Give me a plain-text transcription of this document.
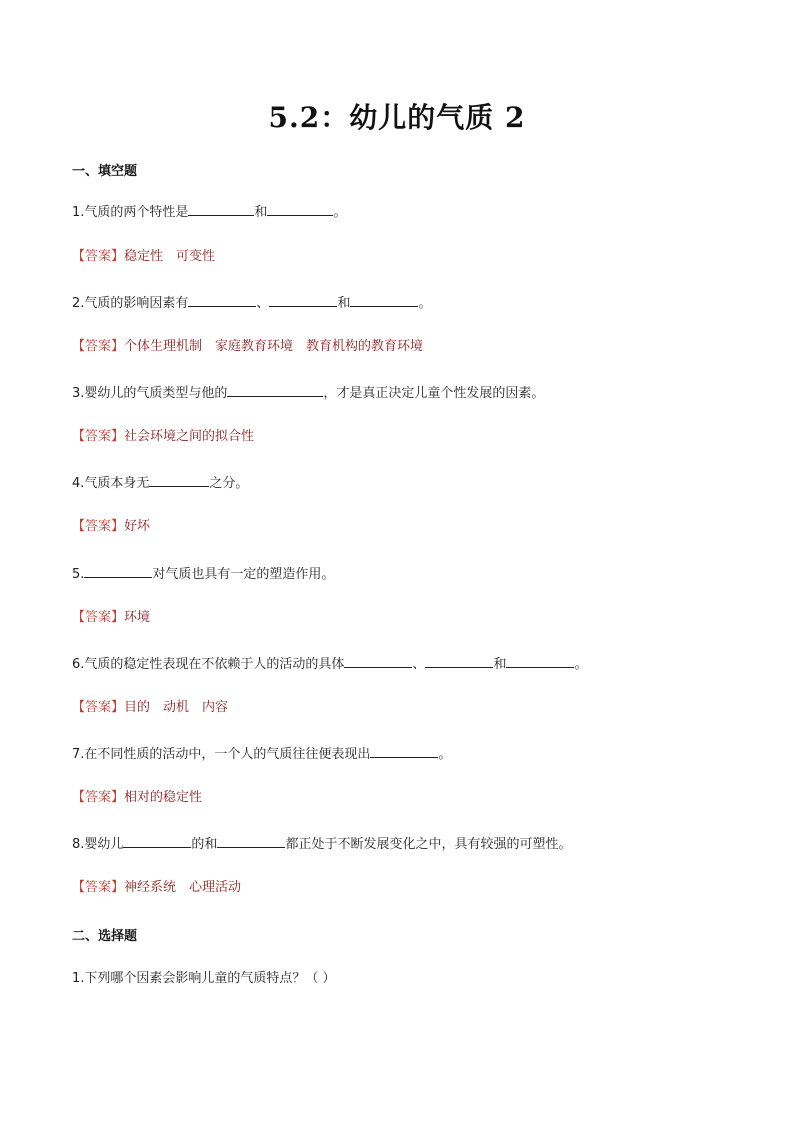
5.2：幼儿的气质 2
一、填空题
1.气质的两个特性是	和	。
【答案】稳定性　可变性
2.气质的影响因素有	、	和	。
【答案】个体生理机制　家庭教育环境　教育机构的教育环境
3.婴幼儿的气质类型与他的	，才是真正决定儿童个性发展的因素。
【答案】社会环境之间的拟合性
4.气质本身无	之分。
【答案】好坏
5.	对气质也具有一定的塑造作用。
【答案】环境
6.气质的稳定性表现在不依赖于人的活动的具体	、	和	。
【答案】目的　动机　内容
7.在不同性质的活动中，一个人的气质往往便表现出	。
【答案】相对的稳定性
8.婴幼儿	的和	都正处于不断发展变化之中，具有较强的可塑性。
【答案】神经系统　心理活动
二、选择题
1.下列哪个因素会影响儿童的气质特点？（ ）
